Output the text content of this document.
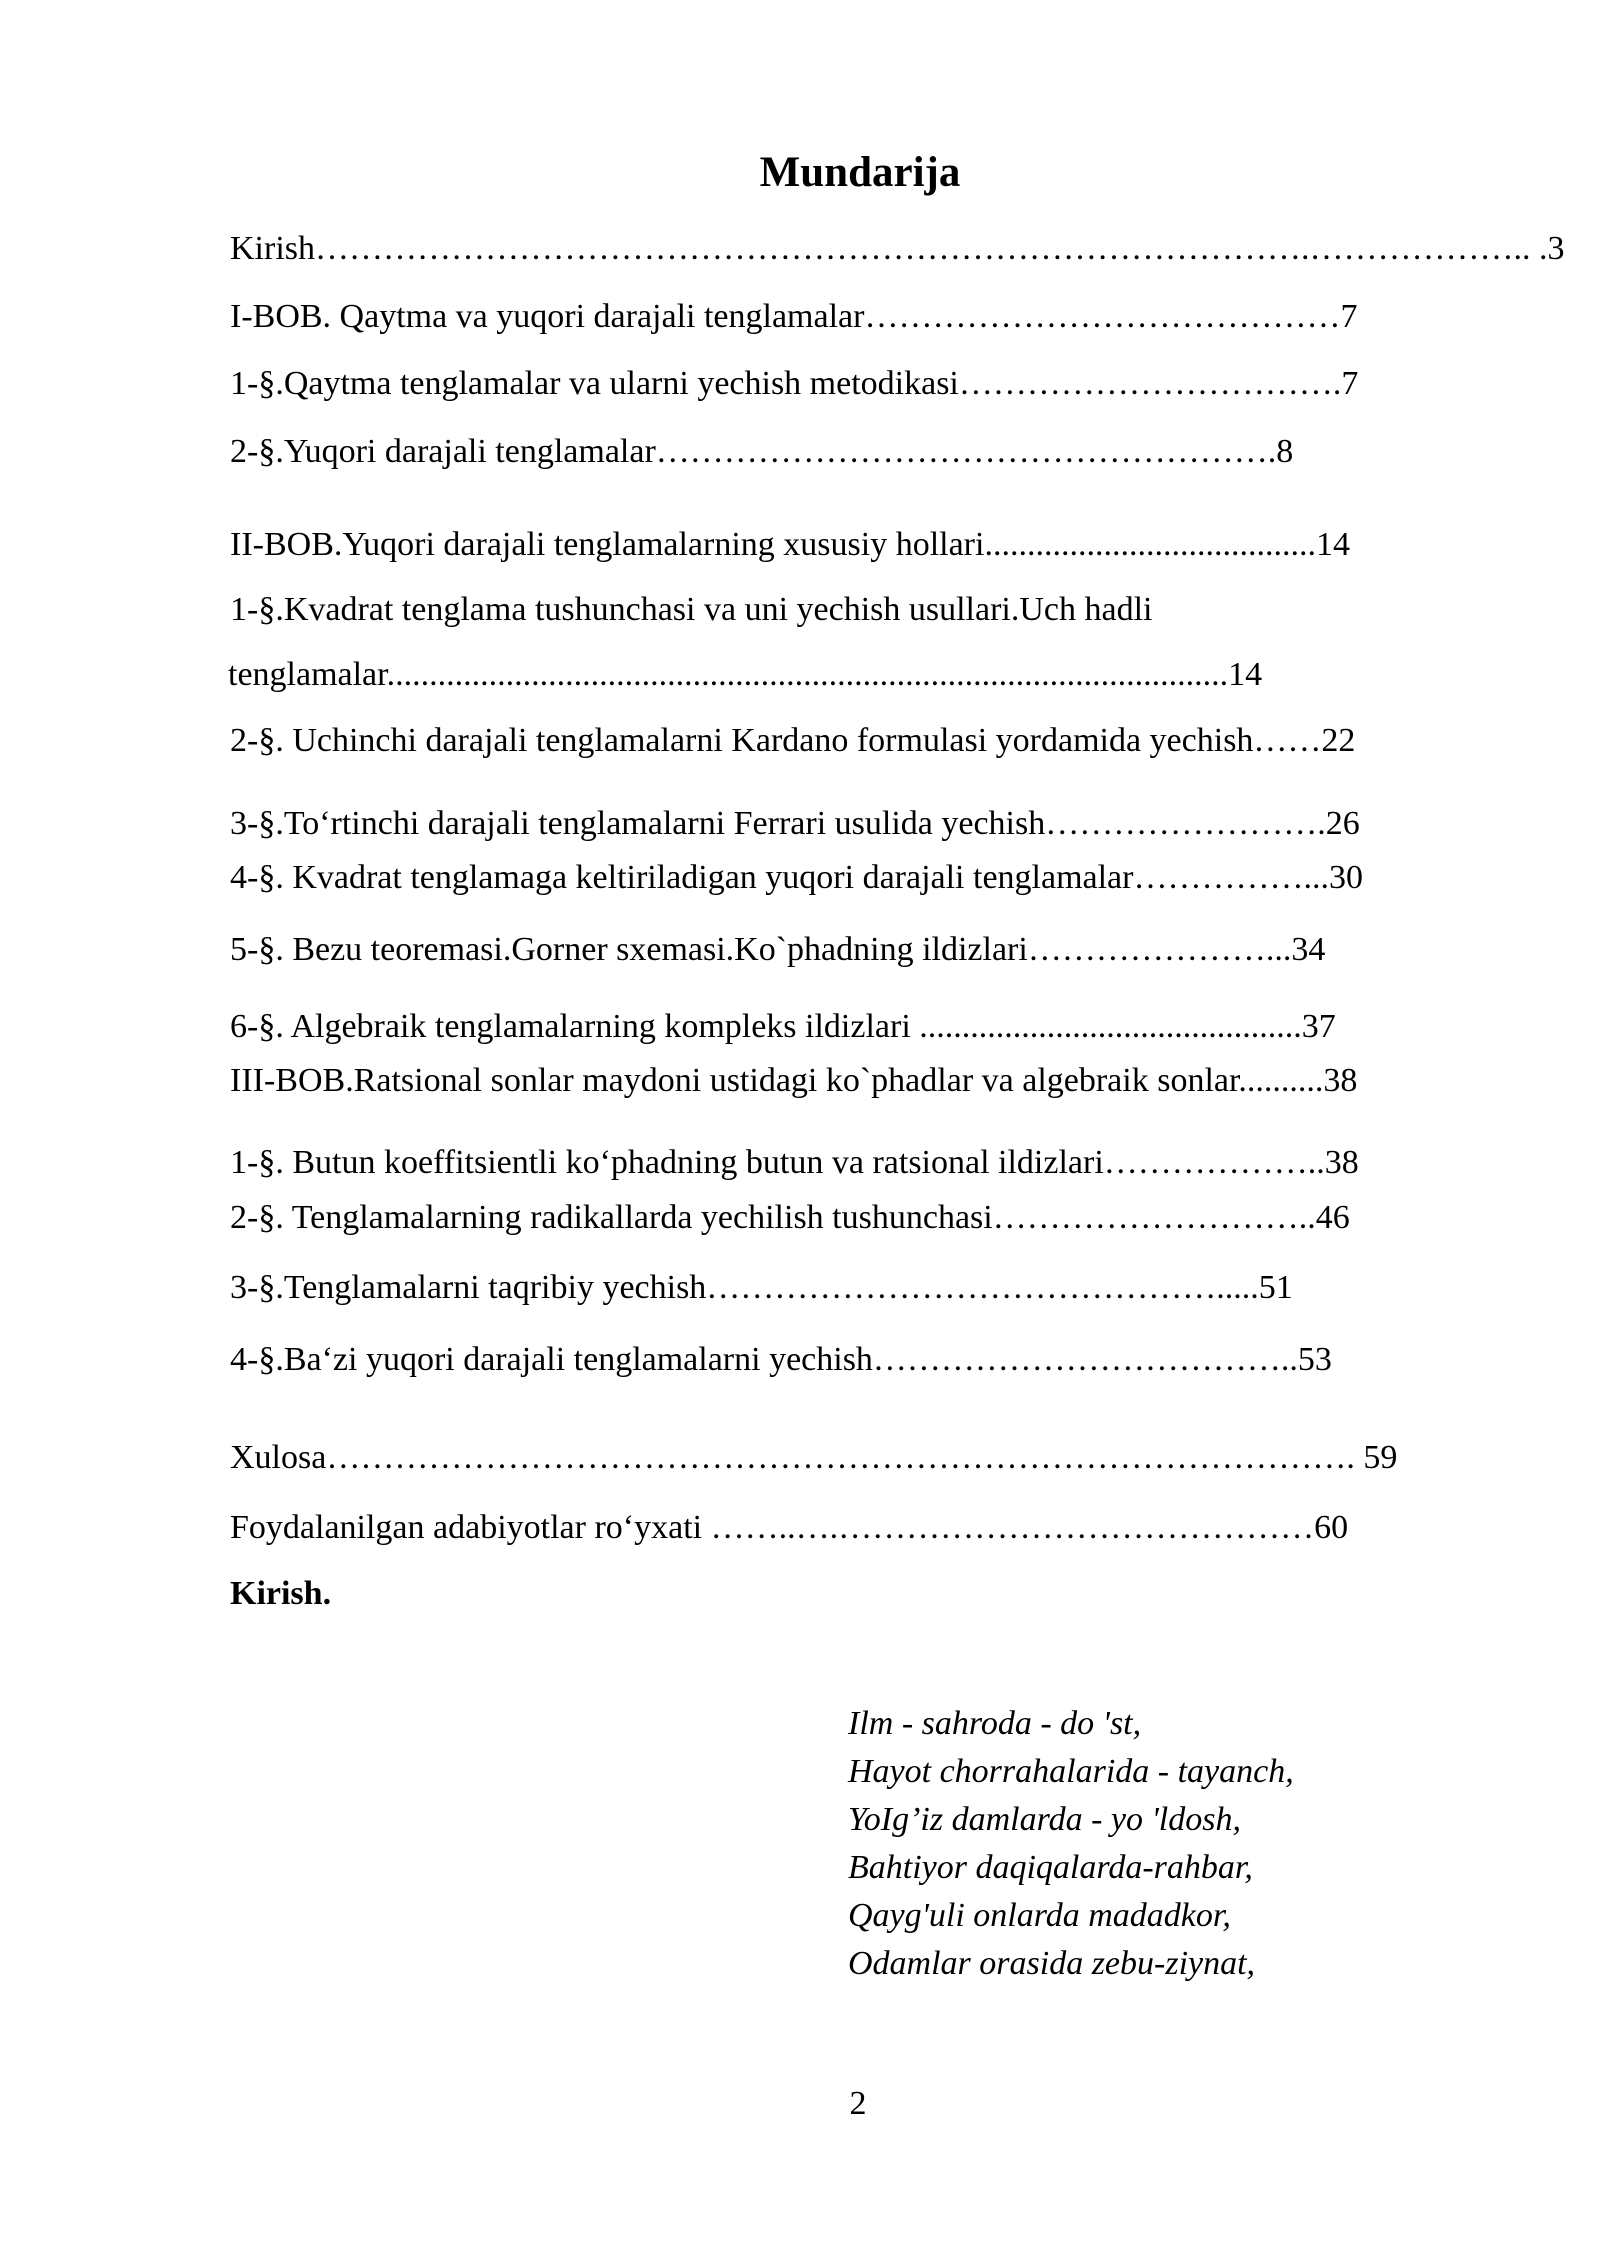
Mundarija
Kirish…………………………………………………………………………….……………….. .3
I-BOB. Qaytma va yuqori darajali tenglamalar……………………………………7
1-§.Qaytma tenglamalar va ularni yechish metodikasi…………………………….7
2-§.Yuqori darajali tenglamalar……………………………………………….8
II-BOB.Yuqori darajali tenglamalarning xususiy hollari.......................................14
1-§.Kvadrat tenglama tushunchasi va uni yechish usullari.Uch hadli
tenglamalar...................................................................................................14
2-§. Uchinchi darajali tenglamalarni Kardano formulasi yordamida yechish……22
3-§.To‘rtinchi darajali tenglamalarni Ferrari usulida yechish…………………….26
4-§. Kvadrat tenglamaga keltiriladigan yuqori darajali tenglamalar……………...30
5-§. Bezu teoremasi.Gorner sxemasi.Ko`phadning ildizlari…………………...34
6-§. Algebraik tenglamalarning kompleks ildizlari .............................................37
III-BOB.Ratsional sonlar maydoni ustidagi ko`phadlar va algebraik sonlar..........38
1-§. Butun koeffitsientli ko‘phadning butun va ratsional ildizlari………………..38
2-§. Tenglamalarning radikallarda yechilish tushunchasi………………………..46
3-§.Tenglamalarni taqribiy yechish……………………………………….....51
4-§.Ba‘zi yuqori darajali tenglamalarni yechish………………………………..53
Xulosa………………………………………………………………………………. 59
Foydalanilgan adabiyotlar ro‘yxati ……..….……………………………………60
Kirish.
Ilm - sahroda - do 'st,
Hayot chorrahalarida - tayanch,
YoIg’iz damlarda - yo 'ldosh,
Bahtiyor daqiqalarda-rahbar,
Qayg'uli onlarda madadkor,
Odamlar orasida zebu-ziynat,
2
